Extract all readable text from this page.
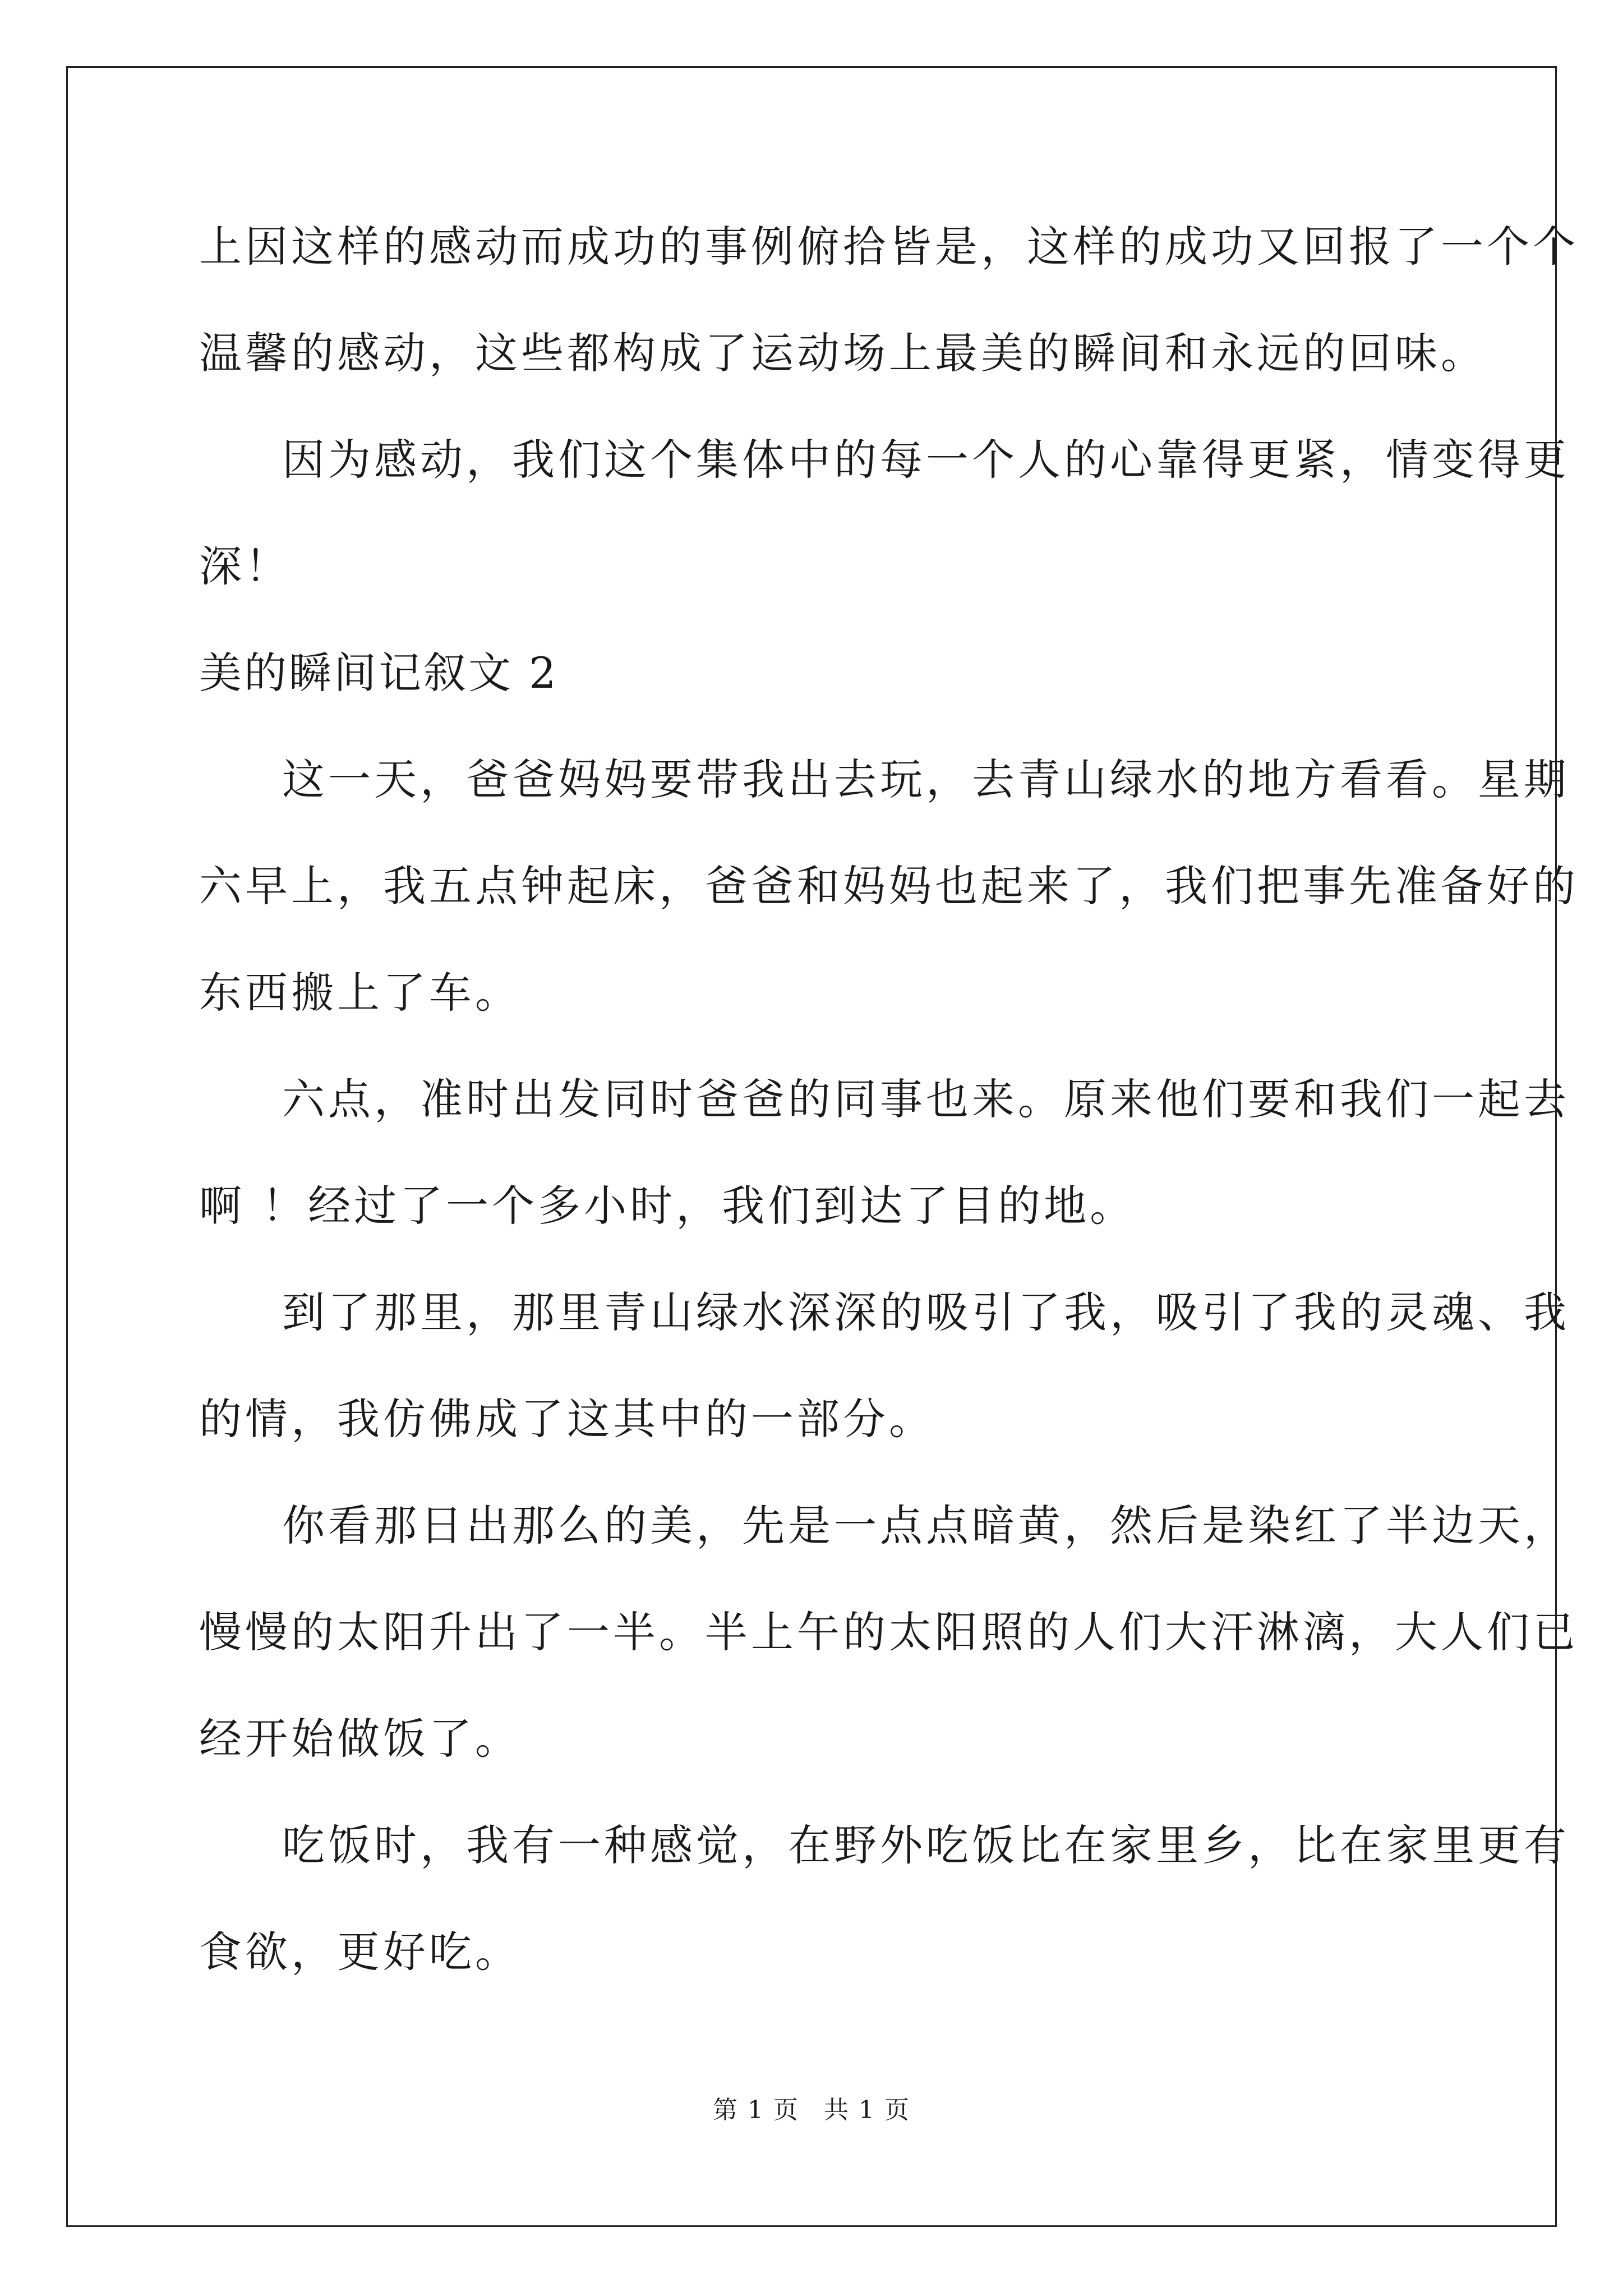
上因这样的感动而成功的事例俯拾皆是，这样的成功又回报了一个个
温馨的感动，这些都构成了运动场上最美的瞬间和永远的回味。
因为感动，我们这个集体中的每一个人的心靠得更紧，情变得更
深！
美的瞬间记叙文 2
这一天，爸爸妈妈要带我出去玩，去青山绿水的地方看看。星期
六早上，我五点钟起床，爸爸和妈妈也起来了，我们把事先准备好的
东西搬上了车。
六点，准时出发同时爸爸的同事也来。原来他们要和我们一起去
啊 ！经过了一个多小时，我们到达了目的地。
到了那里，那里青山绿水深深的吸引了我，吸引了我的灵魂、我
的情，我仿佛成了这其中的一部分。
你看那日出那么的美，先是一点点暗黄，然后是染红了半边天，
慢慢的太阳升出了一半。半上午的太阳照的人们大汗淋漓，大人们已
经开始做饭了。
吃饭时，我有一种感觉，在野外吃饭比在家里乡，比在家里更有
食欲，更好吃。
第 1 页 共 1 页
